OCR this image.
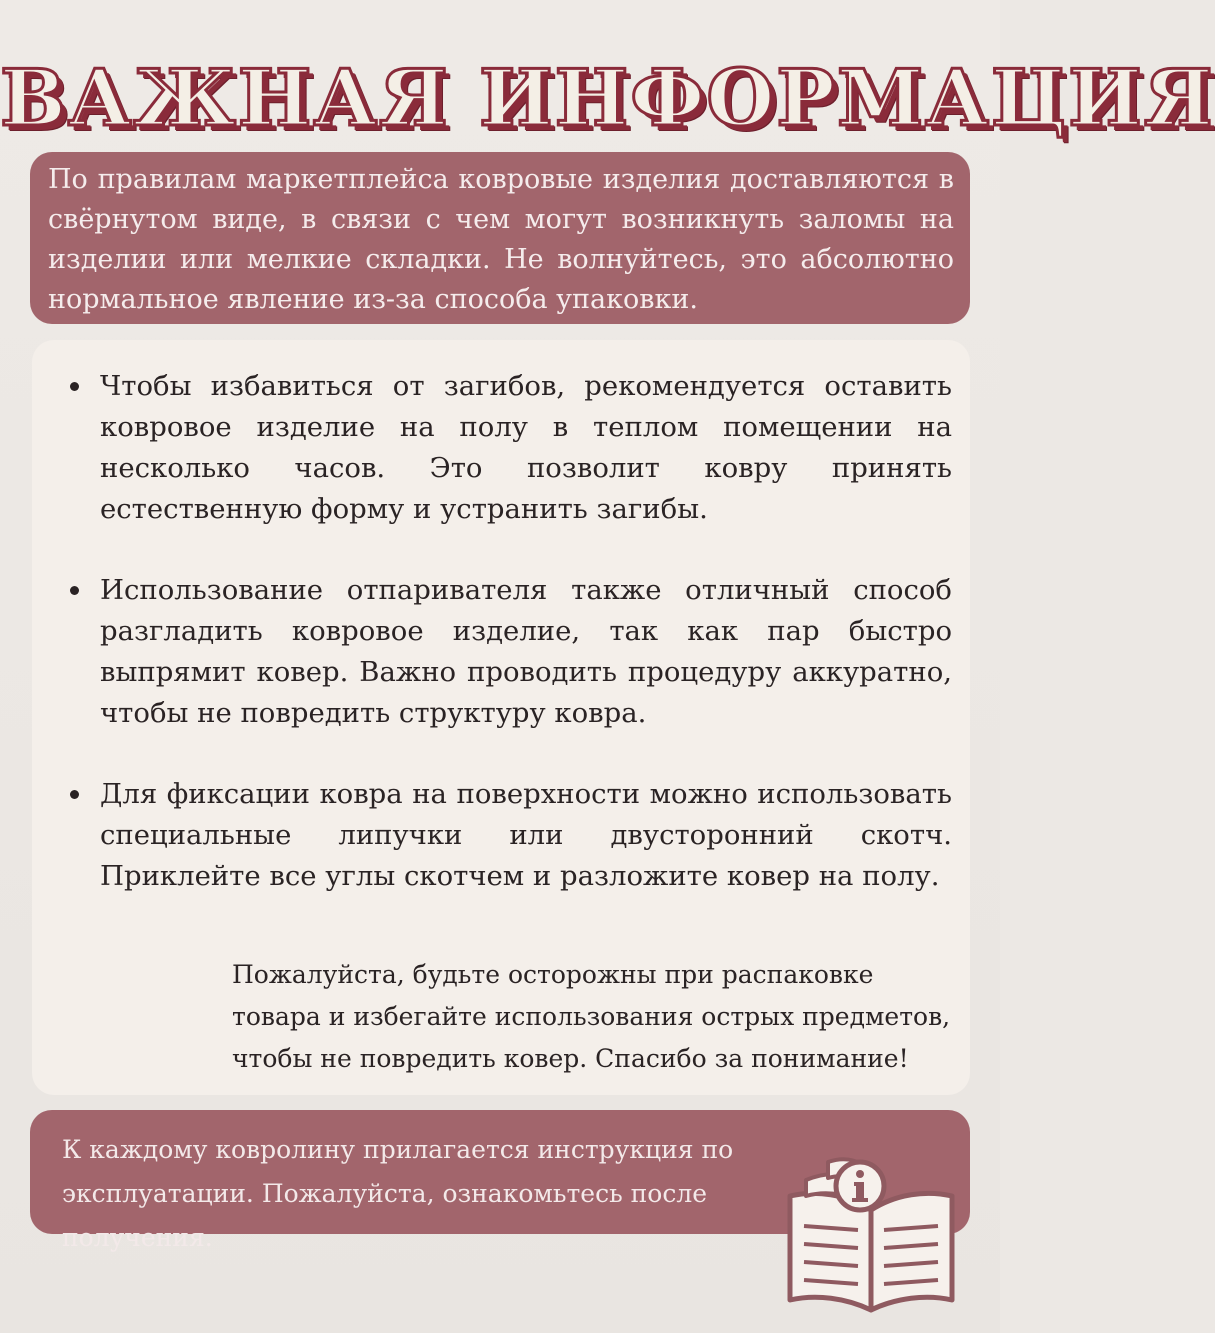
ВАЖНАЯ ИНФОРМАЦИЯ

По правилам маркетплейса ковровые изделия доставляются в свёрнутом виде, в связи с чем могут возникнуть заломы на изделии или мелкие складки. Не волнуйтесь, это абсолютно нормальное явление из-за способа упаковки.

Чтобы избавиться от загибов, рекомендуется оставить ковровое изделие на полу в теплом помещении на несколько часов. Это позволит ковру принять естественную форму и устранить загибы.
Использование отпаривателя также отличный способ разгладить ковровое изделие, так как пар быстро выпрямит ковер. Важно проводить процедуру аккуратно, чтобы не повредить структуру ковра.
Для фиксации ковра на поверхности можно использовать специальные липучки или двусторонний скотч. Приклейте все углы скотчем и разложите ковер на полу.

Пожалуйста, будьте осторожны при распаковке товара и избегайте использования острых предметов, чтобы не повредить ковер. Спасибо за понимание!

К каждому ковролину прилагается инструкция по эксплуатации. Пожалуйста, ознакомьтесь после получения.
